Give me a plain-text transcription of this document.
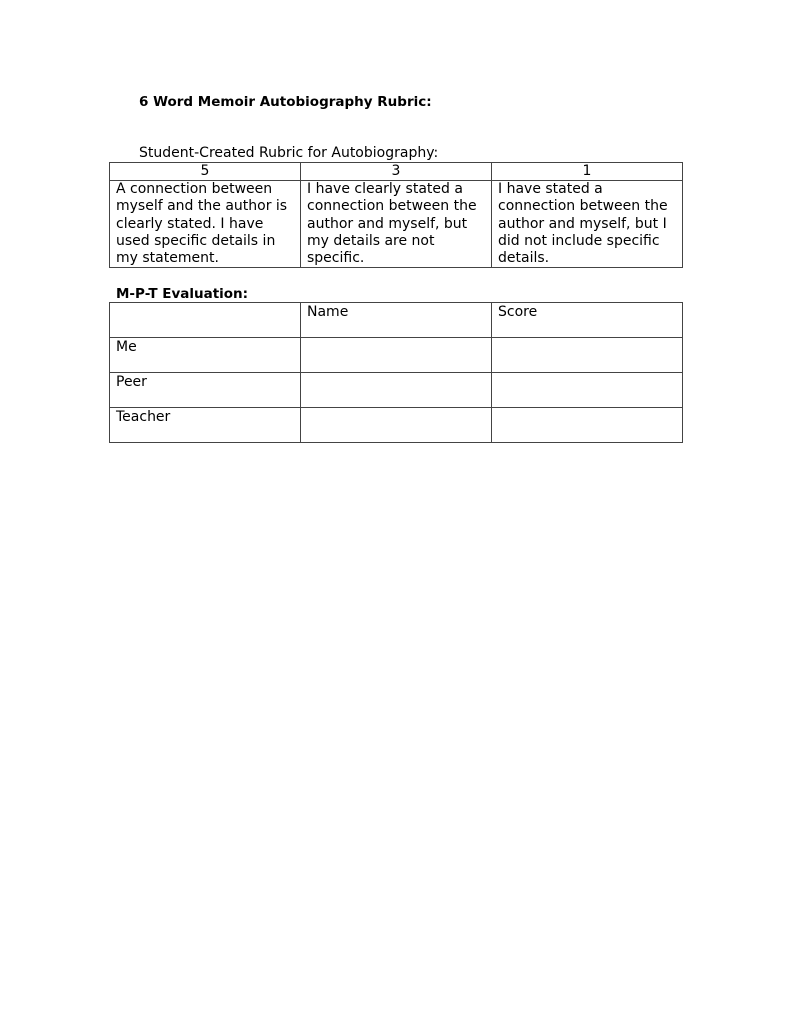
6 Word Memoir Autobiography Rubric:
Student-Created Rubric for Autobiography:
5	3	1
A connection between myself and the author is clearly stated. I have used specific details in my statement.	I have clearly stated a connection between the author and myself, but my details are not specific.	I have stated a connection between the author and myself, but I did not include specific details.
M-P-T Evaluation:
	Name	Score
Me		
Peer		
Teacher		
